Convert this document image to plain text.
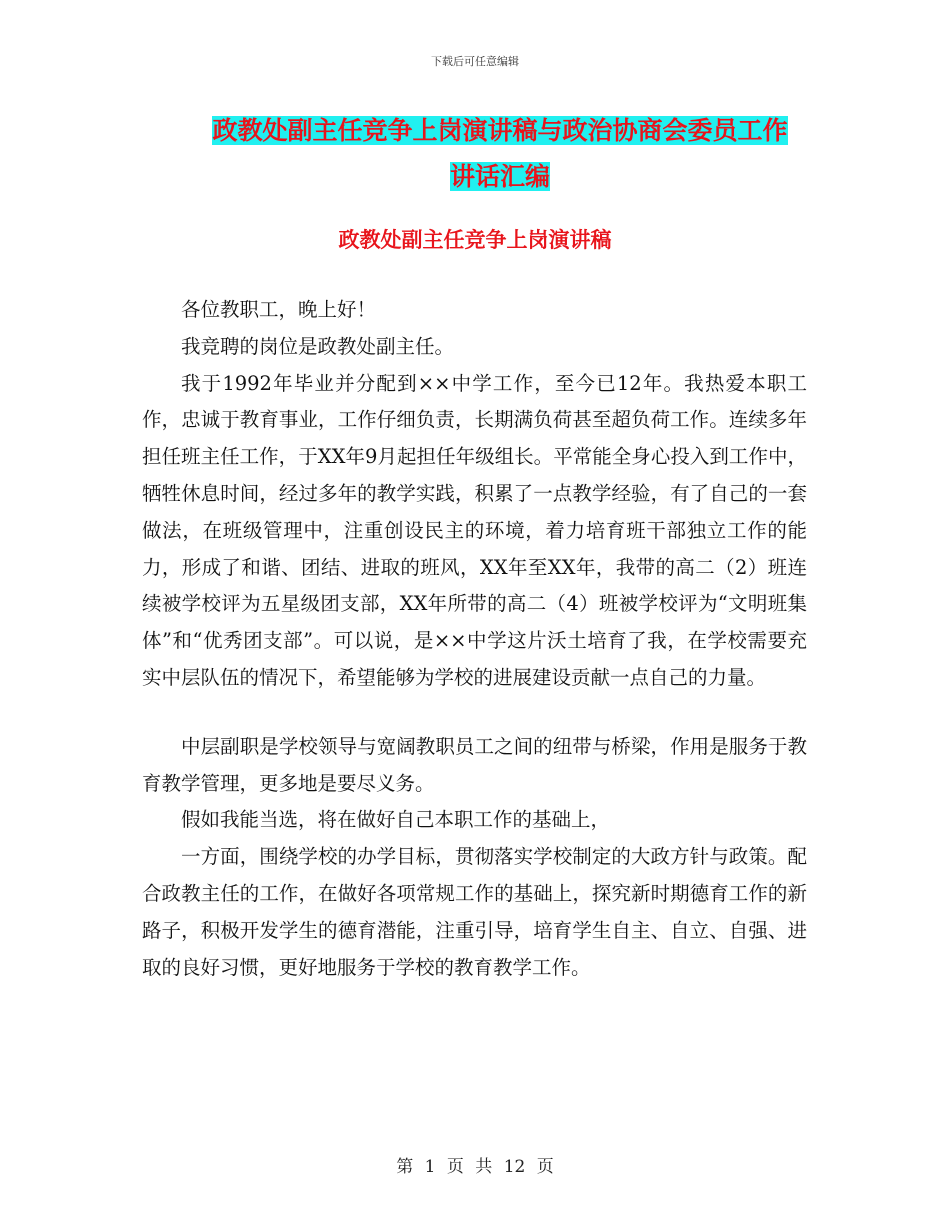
下载后可任意编辑
政教处副主任竞争上岗演讲稿与政治协商会委员工作
讲话汇编
政教处副主任竞争上岗演讲稿

各位教职工，晚上好！

我竞聘的岗位是政教处副主任。

我于1992年毕业并分配到××中学工作，至今已12年。我热爱本职工作，忠诚于教育事业，工作仔细负责，长期满负荷甚至超负荷工作。连续多年担任班主任工作，于XX年9月起担任年级组长。平常能全身心投入到工作中，牺牲休息时间，经过多年的教学实践，积累了一点教学经验，有了自己的一套做法，在班级管理中，注重创设民主的环境，着力培育班干部独立工作的能力，形成了和谐、团结、进取的班风，XX年至XX年，我带的高二（2）班连续被学校评为五星级团支部，XX年所带的高二（4）班被学校评为“文明班集体”和“优秀团支部”。可以说，是××中学这片沃土培育了我，在学校需要充实中层队伍的情况下，希望能够为学校的进展建设贡献一点自己的力量。

中层副职是学校领导与宽阔教职员工之间的纽带与桥梁，作用是服务于教育教学管理，更多地是要尽义务。

假如我能当选，将在做好自己本职工作的基础上，

一方面，围绕学校的办学目标，贯彻落实学校制定的大政方针与政策。配合政教主任的工作，在做好各项常规工作的基础上，探究新时期德育工作的新路子，积极开发学生的德育潜能，注重引导，培育学生自主、自立、自强、进取的良好习惯，更好地服务于学校的教育教学工作。

第 1 页 共 12 页
